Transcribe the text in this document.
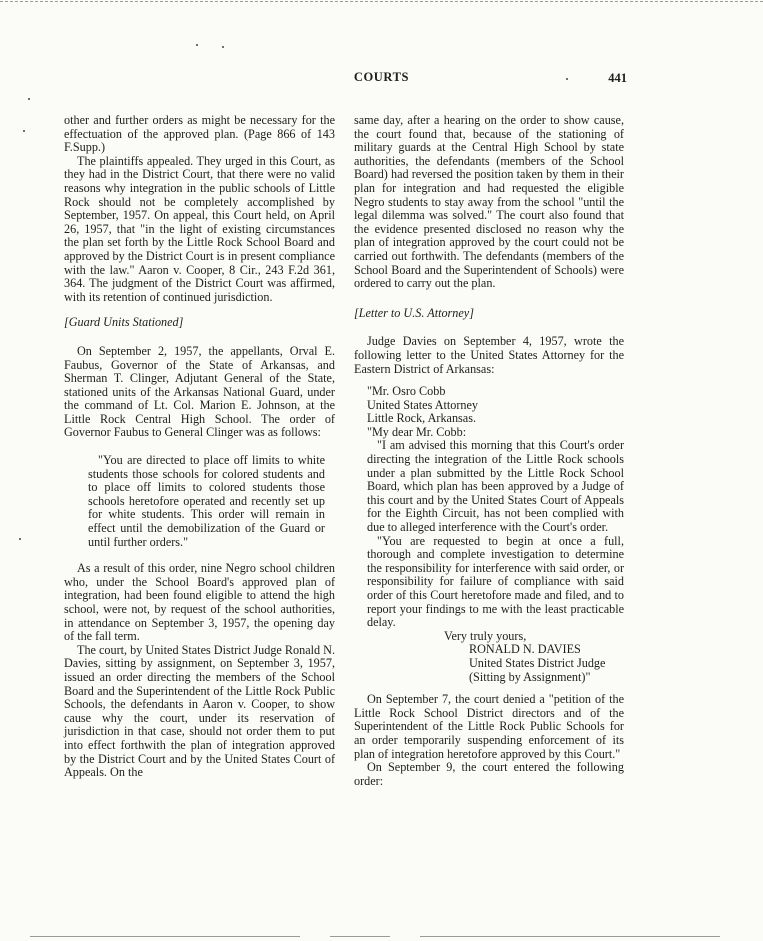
COURTS	441

other and further orders as might be necessary for the effectuation of the approved plan. (Page 866 of 143 F.Supp.)

The plaintiffs appealed. They urged in this Court, as they had in the District Court, that there were no valid reasons why integration in the public schools of Little Rock should not be completely accomplished by September, 1957. On appeal, this Court held, on April 26, 1957, that "in the light of existing circumstances the plan set forth by the Little Rock School Board and approved by the District Court is in present compliance with the law." Aaron v. Cooper, 8 Cir., 243 F.2d 361, 364. The judgment of the District Court was affirmed, with its retention of continued jurisdiction.

[Guard Units Stationed]

On September 2, 1957, the appellants, Orval E. Faubus, Governor of the State of Arkansas, and Sherman T. Clinger, Adjutant General of the State, stationed units of the Arkansas National Guard, under the command of Lt. Col. Marion E. Johnson, at the Little Rock Central High School. The order of Governor Faubus to General Clinger was as follows:

"You are directed to place off limits to white students those schools for colored students and to place off limits to colored students those schools heretofore operated and recently set up for white students. This order will remain in effect until the demobilization of the Guard or until further orders."

As a result of this order, nine Negro school children who, under the School Board's approved plan of integration, had been found eligible to attend the high school, were not, by request of the school authorities, in attendance on September 3, 1957, the opening day of the fall term.

The court, by United States District Judge Ronald N. Davies, sitting by assignment, on September 3, 1957, issued an order directing the members of the School Board and the Superintendent of the Little Rock Public Schools, the defendants in Aaron v. Cooper, to show cause why the court, under its reservation of jurisdiction in that case, should not order them to put into effect forthwith the plan of integration approved by the District Court and by the United States Court of Appeals. On the

same day, after a hearing on the order to show cause, the court found that, because of the stationing of military guards at the Central High School by state authorities, the defendants (members of the School Board) had reversed the position taken by them in their plan for integration and had requested the eligible Negro students to stay away from the school "until the legal dilemma was solved." The court also found that the evidence presented disclosed no reason why the plan of integration approved by the court could not be carried out forthwith. The defendants (members of the School Board and the Superintendent of Schools) were ordered to carry out the plan.

[Letter to U.S. Attorney]

Judge Davies on September 4, 1957, wrote the following letter to the United States Attorney for the Eastern District of Arkansas:

"Mr. Osro Cobb

United States Attorney

Little Rock, Arkansas.

"My dear Mr. Cobb:

"I am advised this morning that this Court's order directing the integration of the Little Rock schools under a plan submitted by the Little Rock School Board, which plan has been approved by a Judge of this court and by the United States Court of Appeals for the Eighth Circuit, has not been complied with due to alleged interference with the Court's order.

"You are requested to begin at once a full, thorough and complete investigation to determine the responsibility for interference with said order, or responsibility for failure of compliance with said order of this Court heretofore made and filed, and to report your findings to me with the least practicable delay.

Very truly yours,

RONALD N. DAVIES

United States District Judge

(Sitting by Assignment)"

On September 7, the court denied a "petition of the Little Rock School District directors and of the Superintendent of the Little Rock Public Schools for an order temporarily suspending enforcement of its plan of integration heretofore approved by this Court."

On September 9, the court entered the following order:
